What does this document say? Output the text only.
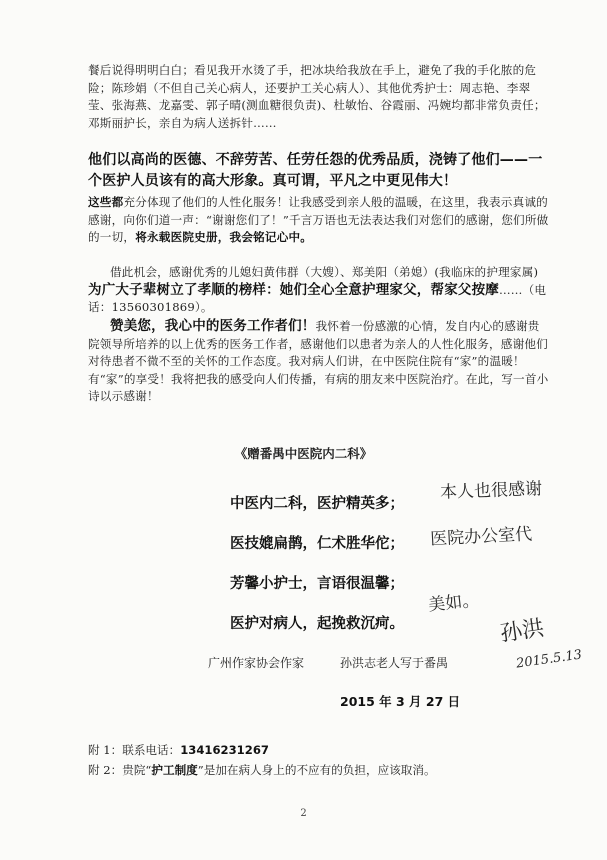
餐后说得明明白白；看见我开水烫了手，把冰块给我放在手上，避免了我的手化脓的危险；陈珍娟（不但自己关心病人，还要护工关心病人）、其他优秀护士：周志艳、李翠莹、张海燕、龙嘉雯、郭子晴(测血糖很负责)、杜敏怡、谷霞丽、冯婉均都非常负责任；邓斯丽护长，亲自为病人送拆针……
他们以高尚的医德、不辞劳苦、任劳任怨的优秀品质，浇铸了他们——一个医护人员该有的高大形象。真可谓，平凡之中更见伟大！
这些都充分体现了他们的人性化服务！让我感受到亲人般的温暖，在这里，我表示真诚的感谢，向你们道一声：“谢谢您们了！”千言万语也无法表达我们对您们的感谢，您们所做的一切，将永载医院史册，我会铭记心中。
借此机会，感谢优秀的儿媳妇黄伟群（大嫂）、郑美阳（弟媳）(我临床的护理家属)为广大子辈树立了孝顺的榜样：她们全心全意护理家父，帮家父按摩……（电话：13560301869）。
赞美您，我心中的医务工作者们！我怀着一份感激的心情，发自内心的感谢贵院领导所培养的以上优秀的医务工作者，感谢他们以患者为亲人的人性化服务，感谢他们对待患者不微不至的关怀的工作态度。我对病人们讲，在中医院住院有“家”的温暖！有“家”的享受！我将把我的感受向人们传播，有病的朋友来中医院治疗。在此，写一首小诗以示感谢！
《赠番禺中医院内二科》
中医内二科，医护精英多；
医技媲扁鹊，仁术胜华佗；
芳馨小护士，言语很温馨；
医护对病人，起挽救沉疴。
本人也很感谢
医院办公室代
美如。
孙洪
2015.5.13
广州作家协会作家	孙洪志老人写于番禺
2015 年 3 月 27 日
附 1：联系电话：13416231267
附 2：贵院“护工制度”是加在病人身上的不应有的负担，应该取消。
2
